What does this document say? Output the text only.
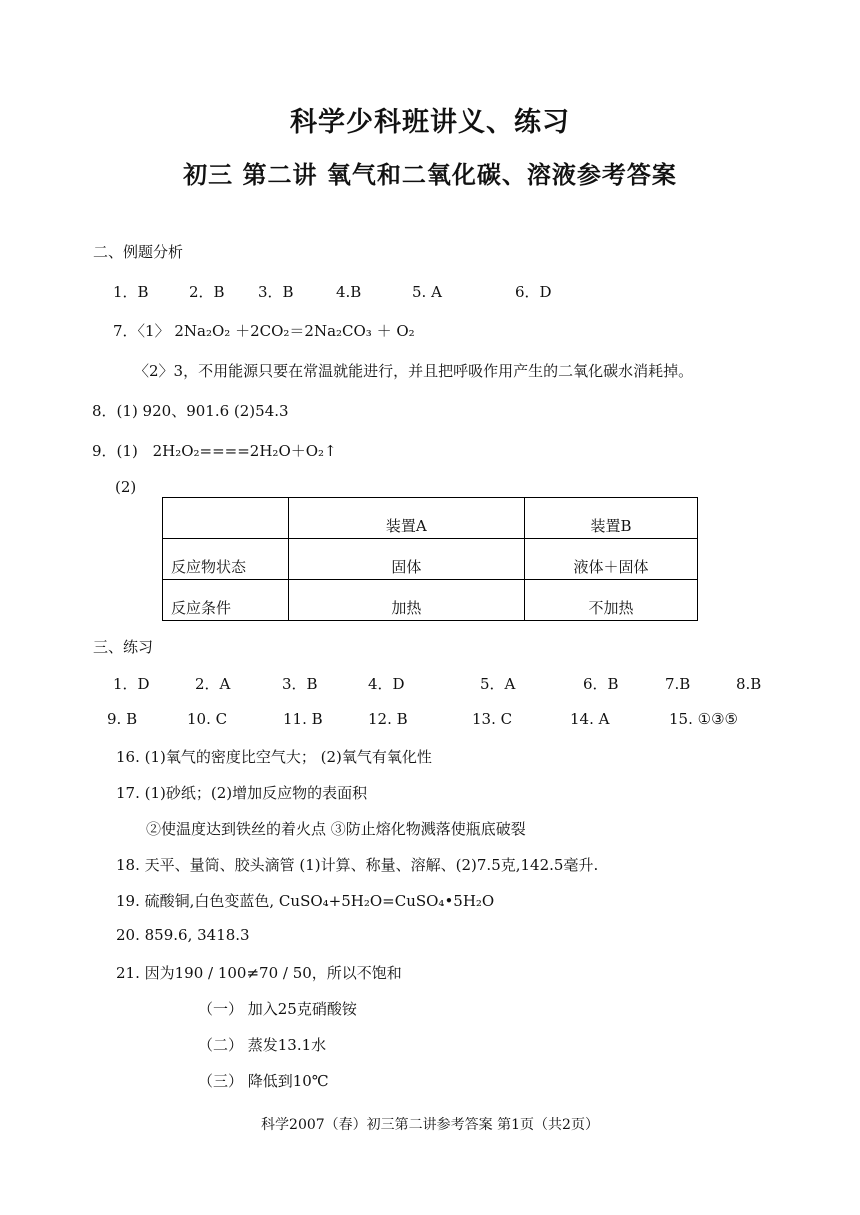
科学少科班讲义、练习
初三 第二讲 氧气和二氧化碳、溶液参考答案
二、例题分析
1．B	2．B 3．B	4.B	5. A	6．D
7．〈1〉 2Na₂O₂ ＋2CO₂＝2Na₂CO₃ ＋ O₂
〈2〉3，不用能源只要在常温就能进行，并且把呼吸作用产生的二氧化碳水消耗掉。
8．(1) 920、901.6 (2)54.3
9．(1) 2H₂O₂====2H₂O＋O₂↑
(2)
	装置A	装置B
反应物状态	固体	液体＋固体
反应条件	加热	不加热
三、练习
1．D	2．A	3．B	4．D	5．A	6．B	7.B	8.B
9. B	10. C	11. B	12. B	13. C	14. A	15. ①③⑤
16. (1)氧气的密度比空气大； (2)氧气有氧化性
17. (1)砂纸；(2)增加反应物的表面积
②使温度达到铁丝的着火点 ③防止熔化物溅落使瓶底破裂
18. 天平、量筒、胶头滴管 (1)计算、称量、溶解、(2)7.5克,142.5毫升.
19. 硫酸铜,白色变蓝色, CuSO₄+5H₂O=CuSO₄•5H₂O
20. 859.6, 3418.3
21. 因为190 / 100≠70 / 50，所以不饱和
（一） 加入25克硝酸铵
（二） 蒸发13.1水
（三） 降低到10℃
科学2007（春）初三第二讲参考答案 第1页（共2页）
